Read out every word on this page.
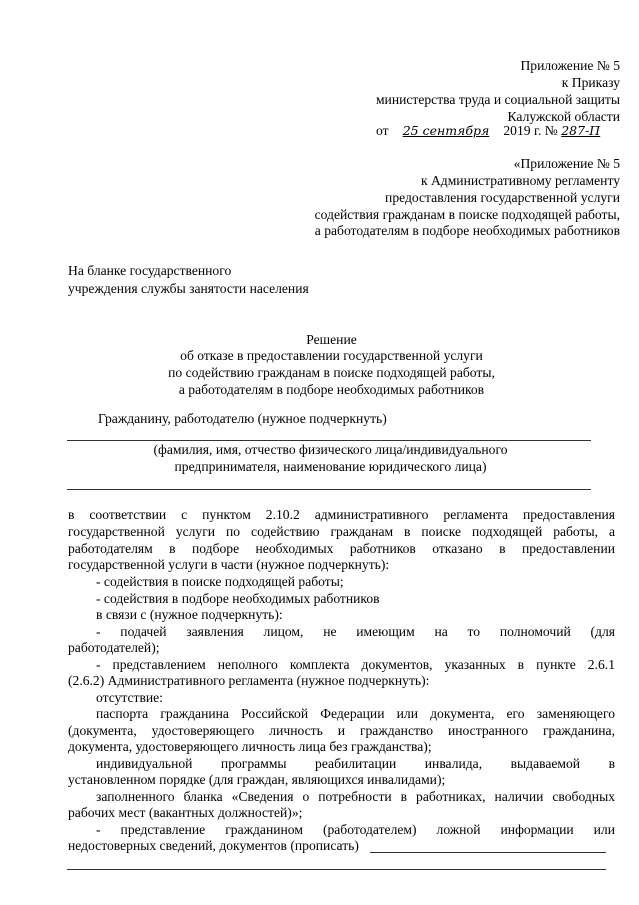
Приложение № 5
к Приказу
министерства труда и социальной защиты
Калужской области
от 25 сентября 2019 г. № 287-П
«Приложение № 5
к Административному регламенту
предоставления государственной услуги
содействия гражданам в поиске подходящей работы,
а работодателям в подборе необходимых работников
На бланке государственного
учреждения службы занятости населения
Решение
об отказе в предоставлении государственной услуги
по содействию гражданам в поиске подходящей работы,
а работодателям в подборе необходимых работников
Гражданину, работодателю (нужное подчеркнуть)
(фамилия, имя, отчество физического лица/индивидуального
предпринимателя, наименование юридического лица)
в соответствии с пунктом 2.10.2 административного регламента предоставления
государственной услуги по содействию гражданам в поиске подходящей работы, а
работодателям в подборе необходимых работников отказано в предоставлении
государственной услуги в части (нужное подчеркнуть):
- содействия в поиске подходящей работы;
- содействия в подборе необходимых работников
в связи с (нужное подчеркнуть):
- подачей заявления лицом, не имеющим на то полномочий (для
работодателей);
- представлением неполного комплекта документов, указанных в пункте 2.6.1
(2.6.2) Административного регламента (нужное подчеркнуть):
отсутствие:
паспорта гражданина Российской Федерации или документа, его заменяющего
(документа, удостоверяющего личность и гражданство иностранного гражданина,
документа, удостоверяющего личность лица без гражданства);
индивидуальной программы реабилитации инвалида, выдаваемой в
установленном порядке (для граждан, являющихся инвалидами);
заполненного бланка «Сведения о потребности в работниках, наличии свободных
рабочих мест (вакантных должностей)»;
- представление гражданином (работодателем) ложной информации или
недостоверных сведений, документов (прописать)
